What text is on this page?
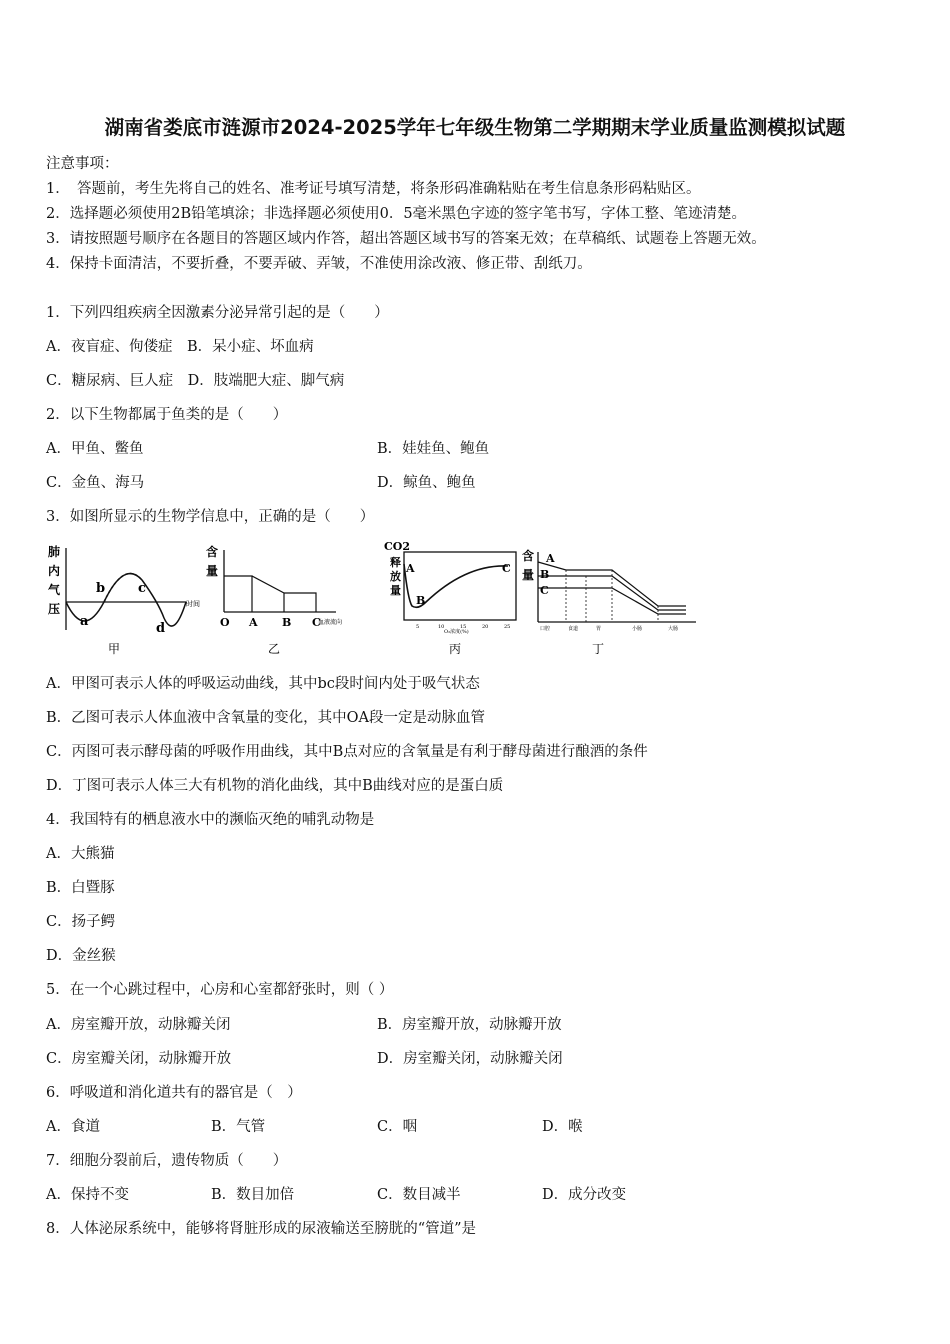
湖南省娄底市涟源市2024-2025学年七年级生物第二学期期末学业质量监测模拟试题
注意事项：
1．　答题前，考生先将自己的姓名、准考证号填写清楚，将条形码准确粘贴在考生信息条形码粘贴区。
2．选择题必须使用2B铅笔填涂；非选择题必须使用0．5毫米黑色字迹的签字笔书写，字体工整、笔迹清楚。
3．请按照题号顺序在各题目的答题区域内作答，超出答题区域书写的答案无效；在草稿纸、试题卷上答题无效。
4．保持卡面清洁，不要折叠，不要弄破、弄皱，不准使用涂改液、修正带、刮纸刀。
1．下列四组疾病全因激素分泌异常引起的是（　　）
A．夜盲症、佝偻症　B．呆小症、坏血病
C．糖尿病、巨人症　D．肢端肥大症、脚气病
2．以下生物都属于鱼类的是（　　）
A．甲鱼、鳖鱼	B．娃娃鱼、鲍鱼
C．金鱼、海马	D．鲸鱼、鲍鱼
3．如图所显示的生物学信息中，正确的是（　　）
肺
内
气
压	时间
a
b	c
d
甲
含
量
O A B C
血液流向
乙
CO2
释
放
量
A
B
C
5	10	15	20	25
O₂浓度(%)
丙
含
量
A
B
C
口腔	食道	胃	小肠	大肠
丁
A．甲图可表示人体的呼吸运动曲线，其中bc段时间内处于吸气状态
B．乙图可表示人体血液中含氧量的变化，其中OA段一定是动脉血管
C．丙图可表示酵母菌的呼吸作用曲线，其中B点对应的含氧量是有利于酵母菌进行酿酒的条件
D．丁图可表示人体三大有机物的消化曲线，其中B曲线对应的是蛋白质
4．我国特有的栖息液水中的濒临灭绝的哺乳动物是
A．大熊猫
B．白暨豚
C．扬子鳄
D．金丝猴
5．在一个心跳过程中，心房和心室都舒张时，则（ ）
A．房室瓣开放，动脉瓣关闭	B．房室瓣开放，动脉瓣开放
C．房室瓣关闭，动脉瓣开放	D．房室瓣关闭，动脉瓣关闭
6．呼吸道和消化道共有的器官是（　）
A．食道	B．气管	C．咽	D．喉
7．细胞分裂前后，遗传物质（　　）
A．保持不变	B．数目加倍	C．数目减半	D．成分改变
8．人体泌尿系统中，能够将肾脏形成的尿液输送至膀胱的“管道”是
